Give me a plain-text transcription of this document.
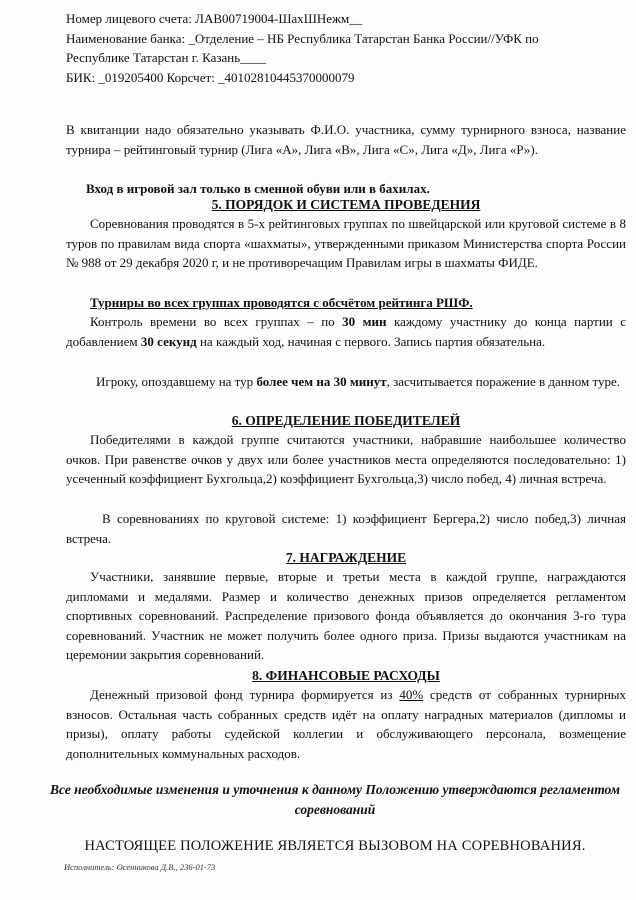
Номер лицевого счета: ЛАВ00719004-ШахШНежм__
Наименование банка: _Отделение – НБ Республика Татарстан Банка России//УФК по
Республике Татарстан г. Казань____
БИК: _019205400 Корсчет: _40102810445370000079
В квитанции надо обязательно указывать Ф.И.О. участника, сумму турнирного взноса, название турнира – рейтинговый турнир (Лига «А», Лига «В», Лига «С», Лига «Д», Лига «Р»).
Вход в игровой зал только в сменной обуви или в бахилах.
5. ПОРЯДОК И СИСТЕМА ПРОВЕДЕНИЯ
Соревнования проводятся в 5-х рейтинговых группах по швейцарской или круговой системе в 8 туров по правилам вида спорта «шахматы», утвержденными приказом Министерства спорта России № 988 от 29 декабря 2020 г, и не противоречащим Правилам игры в шахматы ФИДЕ.
Турниры во всех группах проводятся с обсчётом рейтинга РШФ.
Контроль времени во всех группах – по 30 мин каждому участнику до конца партии с добавлением 30 секунд на каждый ход, начиная с первого. Запись партия обязательна.
Игроку, опоздавшему на тур более чем на 30 минут, засчитывается поражение в данном туре.
6. ОПРЕДЕЛЕНИЕ ПОБЕДИТЕЛЕЙ
Победителями в каждой группе считаются участники, набравшие наибольшее количество очков. При равенстве очков у двух или более участников места определяются последовательно: 1) усеченный коэффициент Бухгольца,2) коэффициент Бухгольца,3) число побед, 4) личная встреча.
В соревнованиях по круговой системе: 1) коэффициент Бергера,2) число побед,3) личная встреча.
7. НАГРАЖДЕНИЕ
Участники, занявшие первые, вторые и третьи места в каждой группе, награждаются дипломами и медалями. Размер и количество денежных призов определяется регламентом спортивных соревнований. Распределение призового фонда объявляется до окончания 3-го тура соревнований. Участник не может получить более одного приза. Призы выдаются участникам на церемонии закрытия соревнований.
8. ФИНАНСОВЫЕ РАСХОДЫ
Денежный призовой фонд турнира формируется из 40% средств от собранных турнирных взносов. Остальная часть собранных средств идёт на оплату наградных материалов (дипломы и призы), оплату работы судейской коллегии и обслуживающего персонала, возмещение дополнительных коммунальных расходов.
Все необходимые изменения и уточнения к данному Положению утверждаются регламентом соревнований
НАСТОЯЩЕЕ ПОЛОЖЕНИЕ ЯВЛЯЕТСЯ ВЫЗОВОМ НА СОРЕВНОВАНИЯ.
Исполнитель: Осенникова Д.В., 236-01-73
